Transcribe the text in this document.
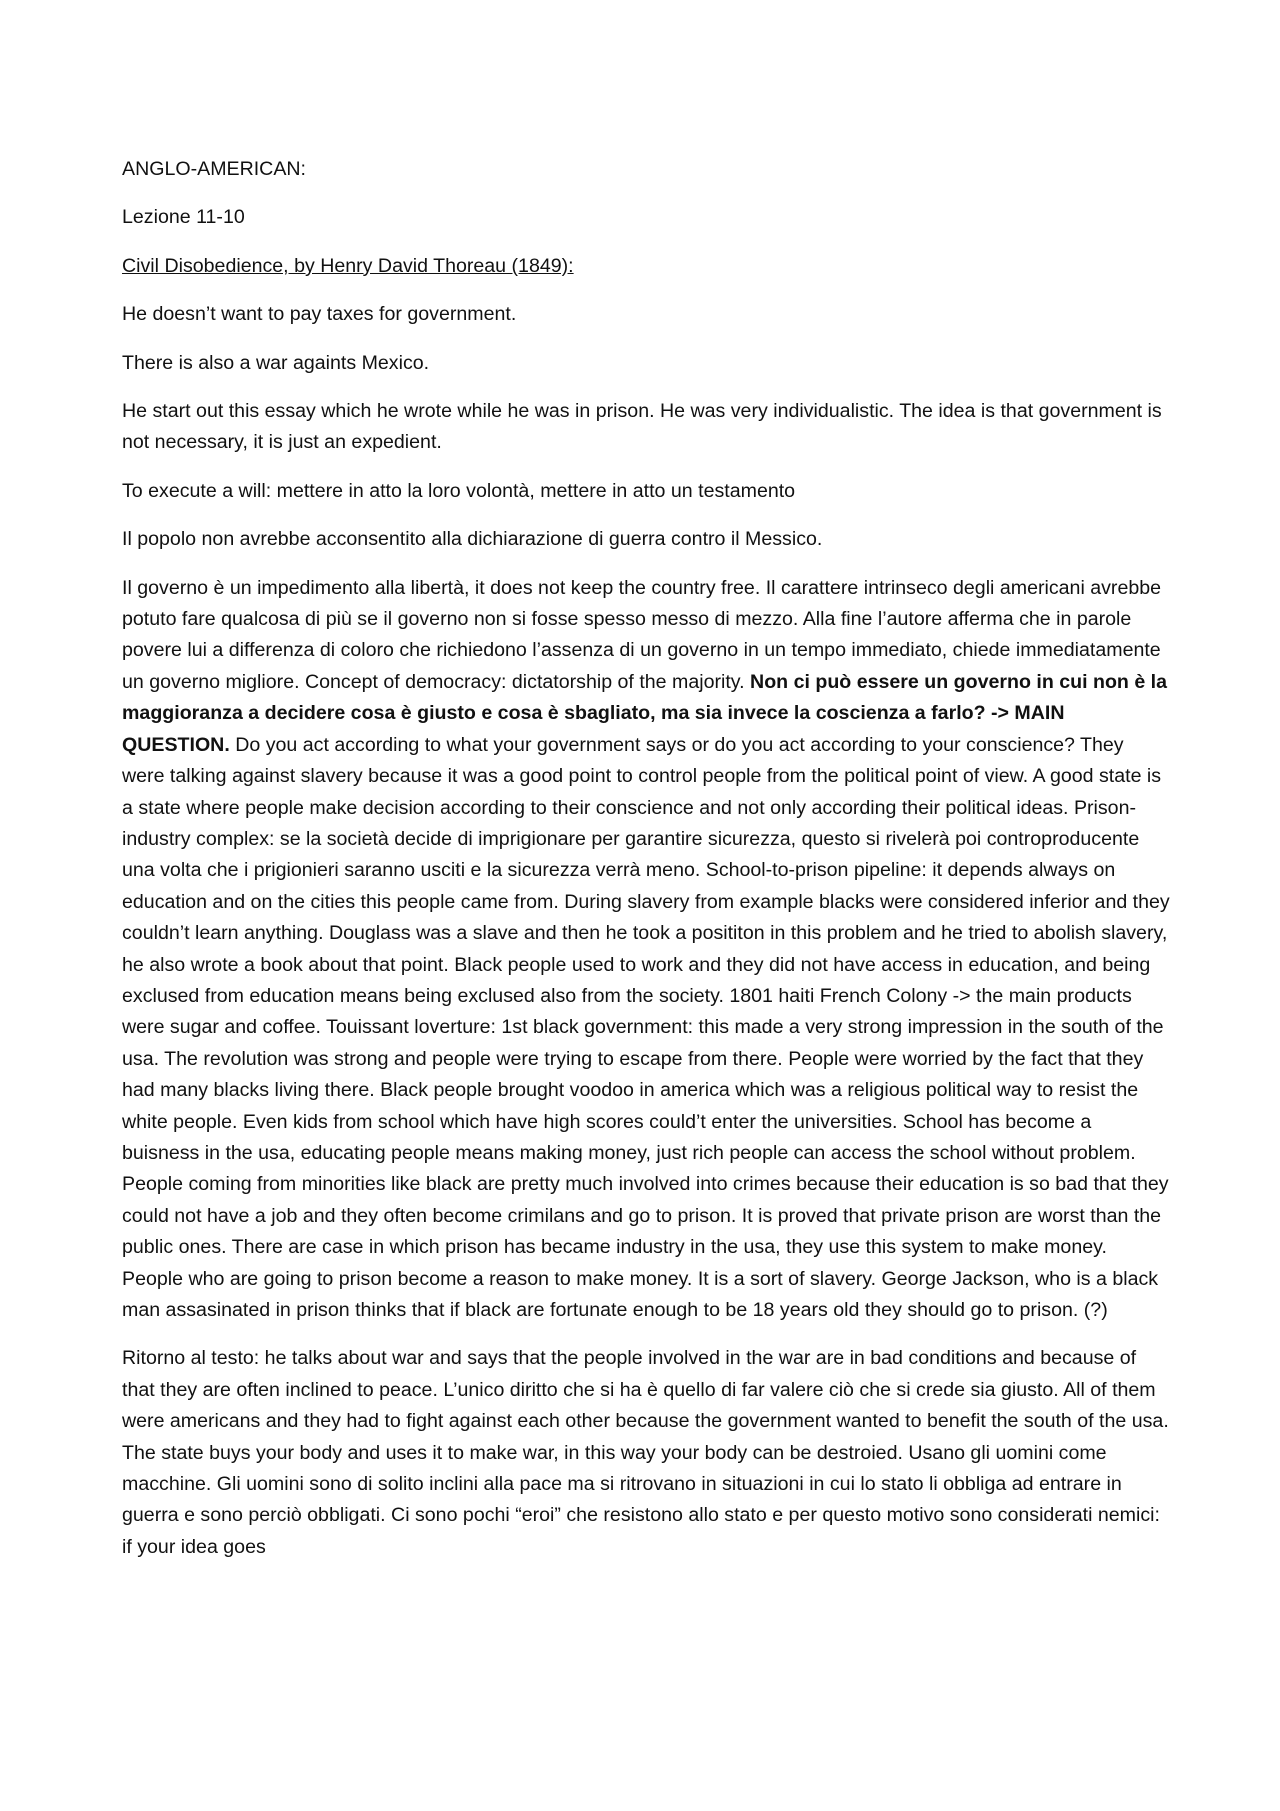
ANGLO-AMERICAN:

Lezione 11-10

Civil Disobedience, by Henry David Thoreau (1849):

He doesn’t want to pay taxes for government.

There is also a war againts Mexico.

He start out this essay which he wrote while he was in prison. He was very individualistic. The idea is that government is not necessary, it is just an expedient.

To execute a will: mettere in atto la loro volontà, mettere in atto un testamento

Il popolo non avrebbe acconsentito alla dichiarazione di guerra contro il Messico.

Il governo è un impedimento alla libertà, it does not keep the country free. Il carattere intrinseco degli americani avrebbe potuto fare qualcosa di più se il governo non si fosse spesso messo di mezzo. Alla fine l’autore afferma che in parole povere lui a differenza di coloro che richiedono l’assenza di un governo in un tempo immediato, chiede immediatamente un governo migliore. Concept of democracy: dictatorship of the majority. Non ci può essere un governo in cui non è la maggioranza a decidere cosa è giusto e cosa è sbagliato, ma sia invece la coscienza a farlo? -> MAIN QUESTION. Do you act according to what your government says or do you act according to your conscience? They were talking against slavery because it was a good point to control people from the political point of view. A good state is a state where people make decision according to their conscience and not only according their political ideas. Prison-industry complex: se la società decide di imprigionare per garantire sicurezza, questo si rivelerà poi controproducente una volta che i prigionieri saranno usciti e la sicurezza verrà meno. School-to-prison pipeline: it depends always on education and on the cities this people came from. During slavery from example blacks were considered inferior and they couldn’t learn anything. Douglass was a slave and then he took a posititon in this problem and he tried to abolish slavery, he also wrote a book about that point. Black people used to work and they did not have access in education, and being exclused from education means being exclused also from the society. 1801 haiti French Colony -> the main products were sugar and coffee. Touissant loverture: 1st black government: this made a very strong impression in the south of the usa. The revolution was strong and people were trying to escape from there. People were worried by the fact that they had many blacks living there. Black people brought voodoo in america which was a religious political way to resist the white people. Even kids from school which have high scores could’t enter the universities. School has become a buisness in the usa, educating people means making money, just rich people can access the school without problem. People coming from minorities like black are pretty much involved into crimes because their education is so bad that they could not have a job and they often become crimilans and go to prison. It is proved that private prison are worst than the public ones. There are case in which prison has became industry in the usa, they use this system to make money. People who are going to prison become a reason to make money. It is a sort of slavery. George Jackson, who is a black man assasinated in prison thinks that if black are fortunate enough to be 18 years old they should go to prison. (?)

Ritorno al testo: he talks about war and says that the people involved in the war are in bad conditions and because of that they are often inclined to peace. L’unico diritto che si ha è quello di far valere ciò che si crede sia giusto. All of them were americans and they had to fight against each other because the government wanted to benefit the south of the usa. The state buys your body and uses it to make war, in this way your body can be destroied. Usano gli uomini come macchine. Gli uomini sono di solito inclini alla pace ma si ritrovano in situazioni in cui lo stato li obbliga ad entrare in guerra e sono perciò obbligati. Ci sono pochi “eroi” che resistono allo stato e per questo motivo sono considerati nemici: if your idea goes
